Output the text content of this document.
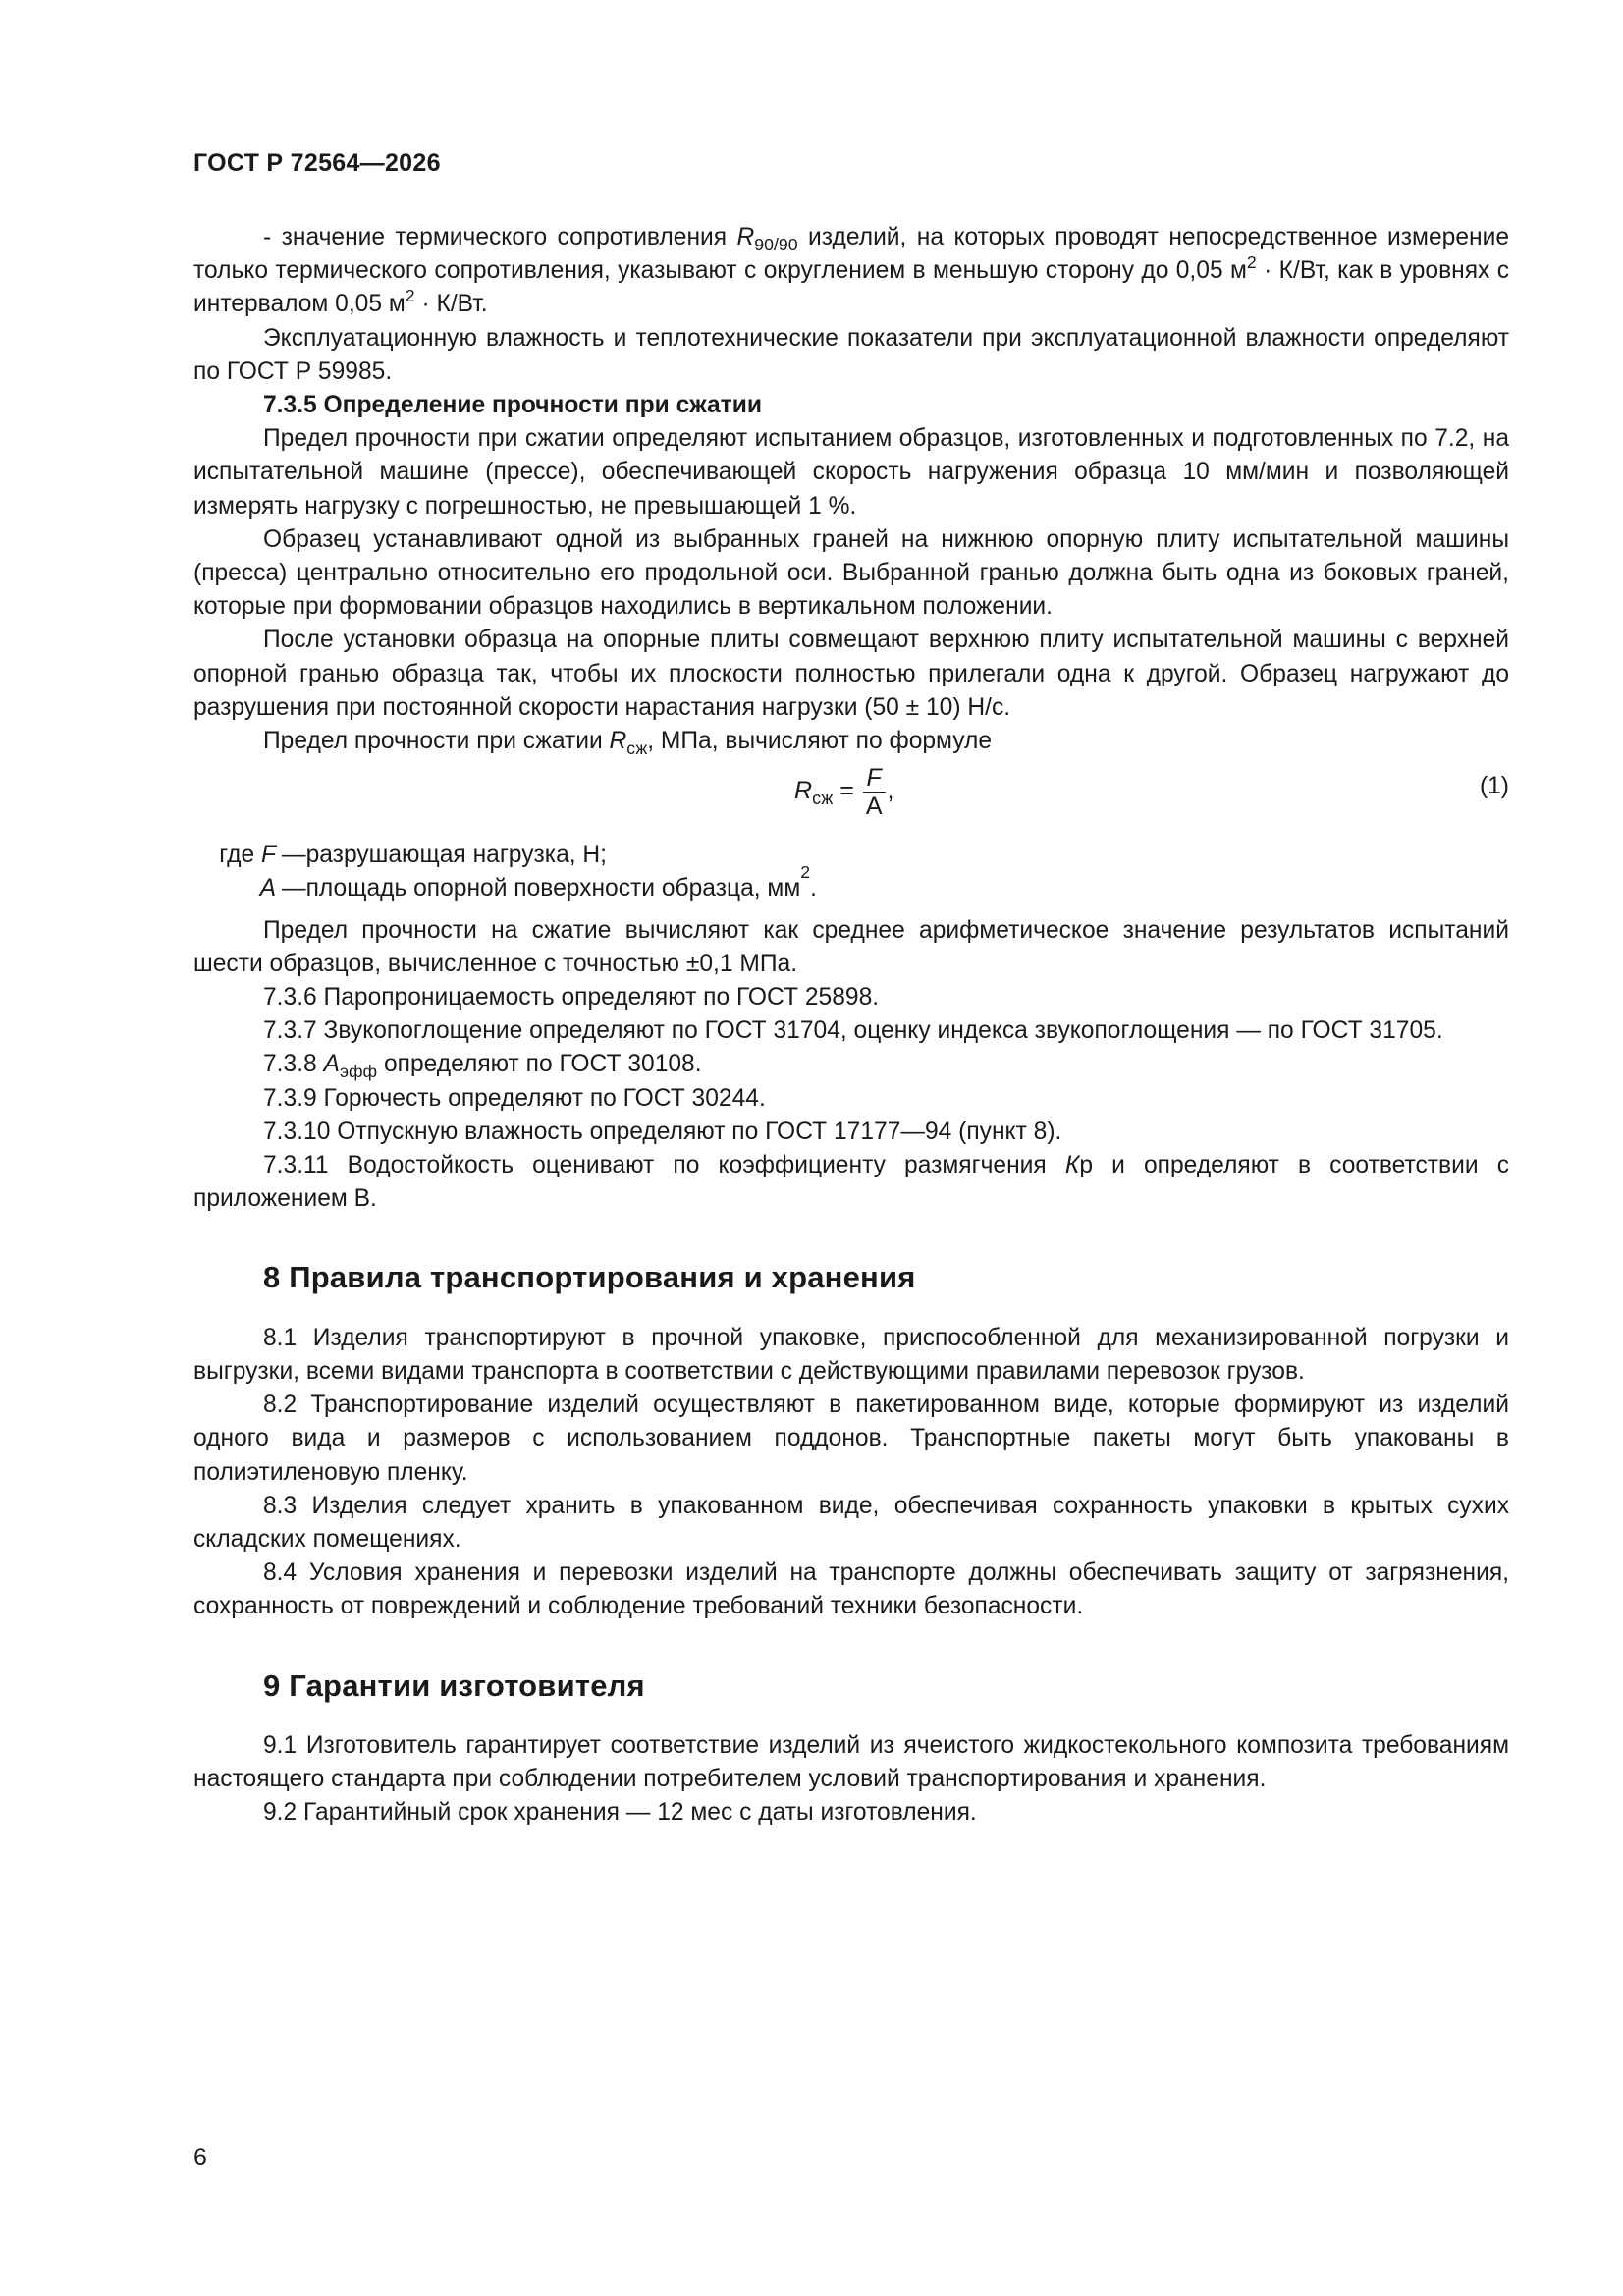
ГОСТ Р 72564—2026

- значение термического сопротивления $R_{90/90}$ изделий, на которых проводят непосредственное измерение только термического сопротивления, указывают с округлением в меньшую сторону до 0,05 $м^2 \cdot К/Вт$, как в уровнях с интервалом 0,05 $м^2 \cdot К/Вт$.

Эксплуатационную влажность и теплотехнические показатели при эксплуатационной влажности определяют по ГОСТ Р 59985.

7.3.5 Определение прочности при сжатии

Предел прочности при сжатии определяют испытанием образцов, изготовленных и подготовленных по 7.2, на испытательной машине (прессе), обеспечивающей скорость нагружения образца 10 мм/мин и позволяющей измерять нагрузку с погрешностью, не превышающей 1 %.

Образец устанавливают одной из выбранных граней на нижнюю опорную плиту испытательной машины (пресса) центрально относительно его продольной оси. Выбранной гранью должна быть одна из боковых граней, которые при формовании образцов находились в вертикальном положении.

После установки образца на опорные плиты совмещают верхнюю плиту испытательной машины с верхней опорной гранью образца так, чтобы их плоскости полностью прилегали одна к другой. Образец нагружают до разрушения при постоянной скорости нарастания нагрузки (50 ± 10) Н/с.

Предел прочности при сжатии $R_{сж}$, МПа, вычисляют по формуле

$R_{сж} = \frac{F}{A}$ ,	(1)
где F — разрушающая нагрузка, Н;
A — площадь опорной поверхности образца, мм
2
.

Предел прочности на сжатие вычисляют как среднее арифметическое значение результатов испытаний шести образцов, вычисленное с точностью ±0,1 МПа.

7.3.6 Паропроницаемость определяют по ГОСТ 25898.

7.3.7 Звукопоглощение определяют по ГОСТ 31704, оценку индекса звукопоглощения — по ГОСТ 31705.

7.3.8 $A_{эфф}$ определяют по ГОСТ 30108.

7.3.9 Горючесть определяют по ГОСТ 30244.

7.3.10 Отпускную влажность определяют по ГОСТ 17177—94 (пункт 8).

7.3.11 Водостойкость оценивают по коэффициенту размягчения Кр и определяют в соответствии с приложением В.

8 Правила транспортирования и хранения

8.1 Изделия транспортируют в прочной упаковке, приспособленной для механизированной погрузки и выгрузки, всеми видами транспорта в соответствии с действующими правилами перевозок грузов.

8.2 Транспортирование изделий осуществляют в пакетированном виде, которые формируют из изделий одного вида и размеров с использованием поддонов. Транспортные пакеты могут быть упакованы в полиэтиленовую пленку.

8.3 Изделия следует хранить в упакованном виде, обеспечивая сохранность упаковки в крытых сухих складских помещениях.

8.4 Условия хранения и перевозки изделий на транспорте должны обеспечивать защиту от загрязнения, сохранность от повреждений и соблюдение требований техники безопасности.

9 Гарантии изготовителя

9.1 Изготовитель гарантирует соответствие изделий из ячеистого жидкостекольного композита требованиям настоящего стандарта при соблюдении потребителем условий транспортирования и хранения.

9.2 Гарантийный срок хранения — 12 мес с даты изготовления.

6
